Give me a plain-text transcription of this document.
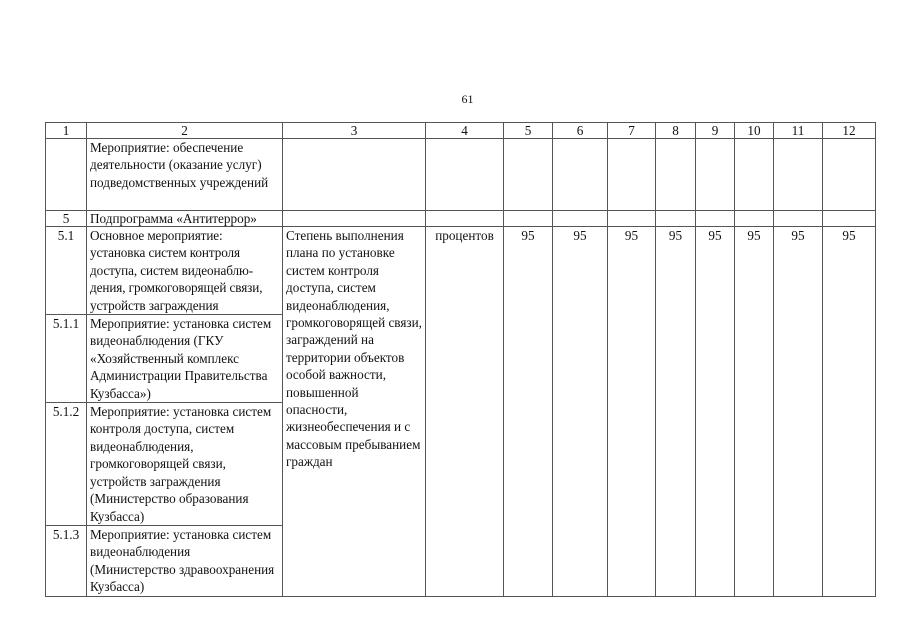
61
1	2	3	4	5	6	7	8	9	10	11	12
	Мероприятие: обеспечение деятельности (оказание услуг) подведомственных учреждений										
5	Подпрограмма «Антитеррор»										
5.1	Основное мероприятие: установка систем контроля доступа, систем видеонаблю-дения, громкоговорящей связи, устройств заграждения	Степень выполнения плана по установке систем контроля доступа, систем видеонаблюдения, громкоговорящей связи, заграждений на территории объектов особой важности, повышенной опасности, жизнеобеспечения и с массовым пребыванием граждан	процентов	95	95	95	95	95	95	95	95
5.1.1	Мероприятие: установка систем видеонаблюдения (ГКУ «Хозяйственный комплекс Администрации Правительства Кузбасса»)										
5.1.2	Мероприятие: установка систем контроля доступа, систем видеонаблюдения, громкоговорящей связи, устройств заграждения (Министерство образования Кузбасса)										
5.1.3	Мероприятие: установка систем видеонаблюдения (Министерство здравоохранения Кузбасса)										
